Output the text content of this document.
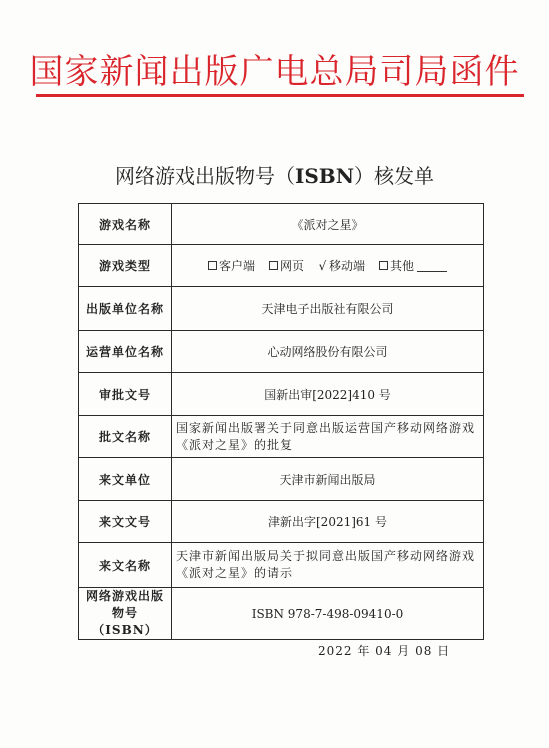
国家新闻出版广电总局司局函件
网络游戏出版物号（ISBN）核发单
游戏名称	《派对之星》
游戏类型	客户端 网页 √ 移动端 其他

出版单位名称	天津电子出版社有限公司
运营单位名称	心动网络股份有限公司
审批文号	国新出审[2022]410 号
批文名称	国家新闻出版署关于同意出版运营国产移动网络游戏《派对之星》的批复
来文单位	天津市新闻出版局
来文文号	津新出字[2021]61 号
来文名称	天津市新闻出版局关于拟同意出版国产移动网络游戏《派对之星》的请示

网络游戏出版
物号（ISBN）	ISBN 978-7-498-09410-0
2022 年 04 月 08 日
